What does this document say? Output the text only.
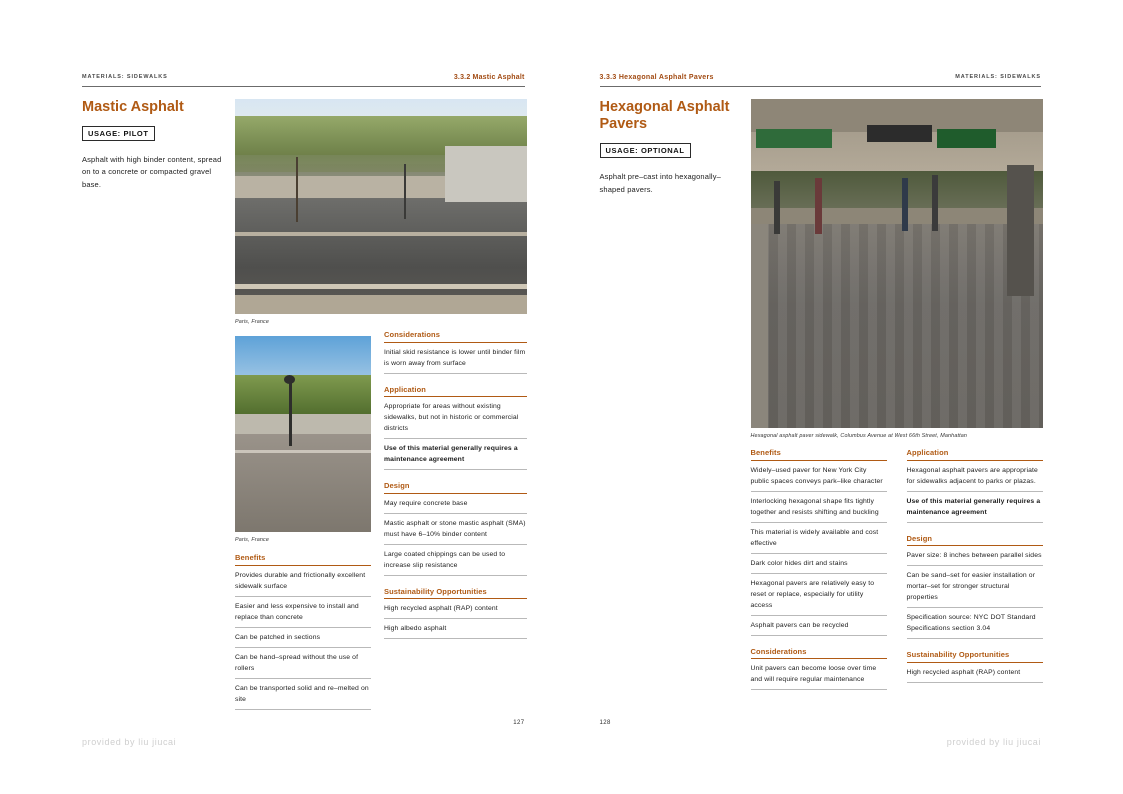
MATERIALS: SIDEWALKS	3.3.2 Mastic Asphalt
Mastic Asphalt
USAGE: PILOT

Asphalt with high binder content, spread on to a concrete or compacted gravel base.

Paris, France
Paris, France
Benefits
Provides durable and frictionally excellent sidewalk surface
Easier and less expensive to install and replace than concrete
Can be patched in sections
Can be hand–spread without the use of rollers
Can be transported solid and re–melted on site
Considerations
Initial skid resistance is lower until binder film is worn away from surface
Application
Appropriate for areas without existing sidewalks, but not in historic or commercial districts
Use of this material generally requires a maintenance agreement
Design
May require concrete base
Mastic asphalt or stone mastic asphalt (SMA) must have 6–10% binder content
Large coated chippings can be used to increase slip resistance
Sustainability Opportunities
High recycled asphalt (RAP) content
High albedo asphalt
127
provided by liu jiucai
3.3.3 Hexagonal Asphalt Pavers	MATERIALS: SIDEWALKS
Hexagonal Asphalt Pavers
USAGE: OPTIONAL

Asphalt pre–cast into hexagonally–shaped pavers.

Hexagonal asphalt paver sidewalk, Columbus Avenue at West 66th Street, Manhattan
Benefits
Widely–used paver for New York City public spaces conveys park–like character
Interlocking hexagonal shape fits tightly together and resists shifting and buckling
This material is widely available and cost effective
Dark color hides dirt and stains
Hexagonal pavers are relatively easy to reset or replace, especially for utility access
Asphalt pavers can be recycled
Considerations
Unit pavers can become loose over time and will require regular maintenance
Application
Hexagonal asphalt pavers are appropriate for sidewalks adjacent to parks or plazas.
Use of this material generally requires a maintenance agreement
Design
Paver size: 8 inches between parallel sides
Can be sand–set for easier installation or mortar–set for stronger structural properties
Specification source: NYC DOT Standard Specifications section 3.04
Sustainability Opportunities
High recycled asphalt (RAP) content
128
provided by liu jiucai
